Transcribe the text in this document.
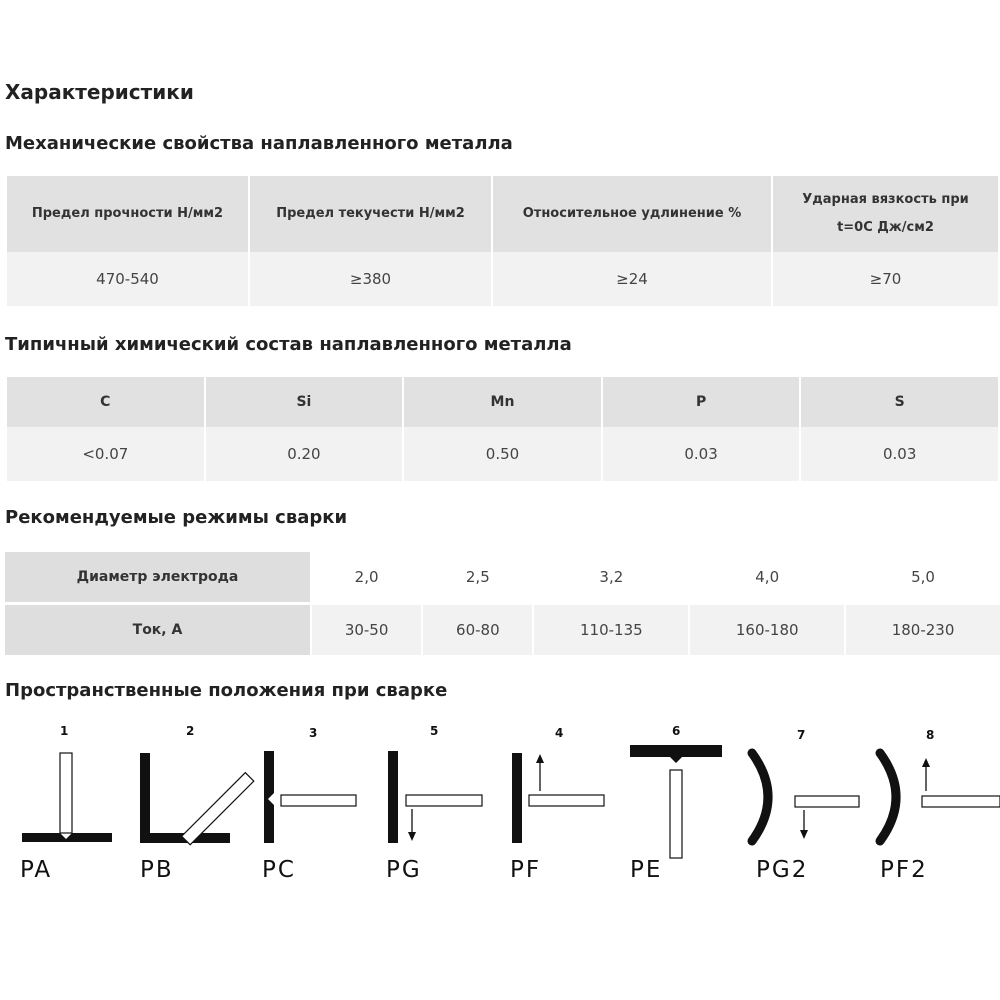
Характеристики
Механические свойства наплавленного металла
Предел прочности Н/мм2	Предел текучести Н/мм2	Относительное удлинение %	Ударная вязкость при t=0С Дж/см2
470-540	≥380	≥24	≥70
Типичный химический состав наплавленного металла
C	Si	Mn	P	S
<0.07	0.20	0.50	0.03	0.03
Рекомендуемые режимы сварки
Диаметр электрода	2,0	2,5	3,2	4,0	5,0
Ток, А	30-50	60-80	110-135	160-180	180-230
Пространственные положения при сварке
1
PA
2
PB
3
PC
5
PG
4
PF
6
PE
7
PG2
8
PF2
